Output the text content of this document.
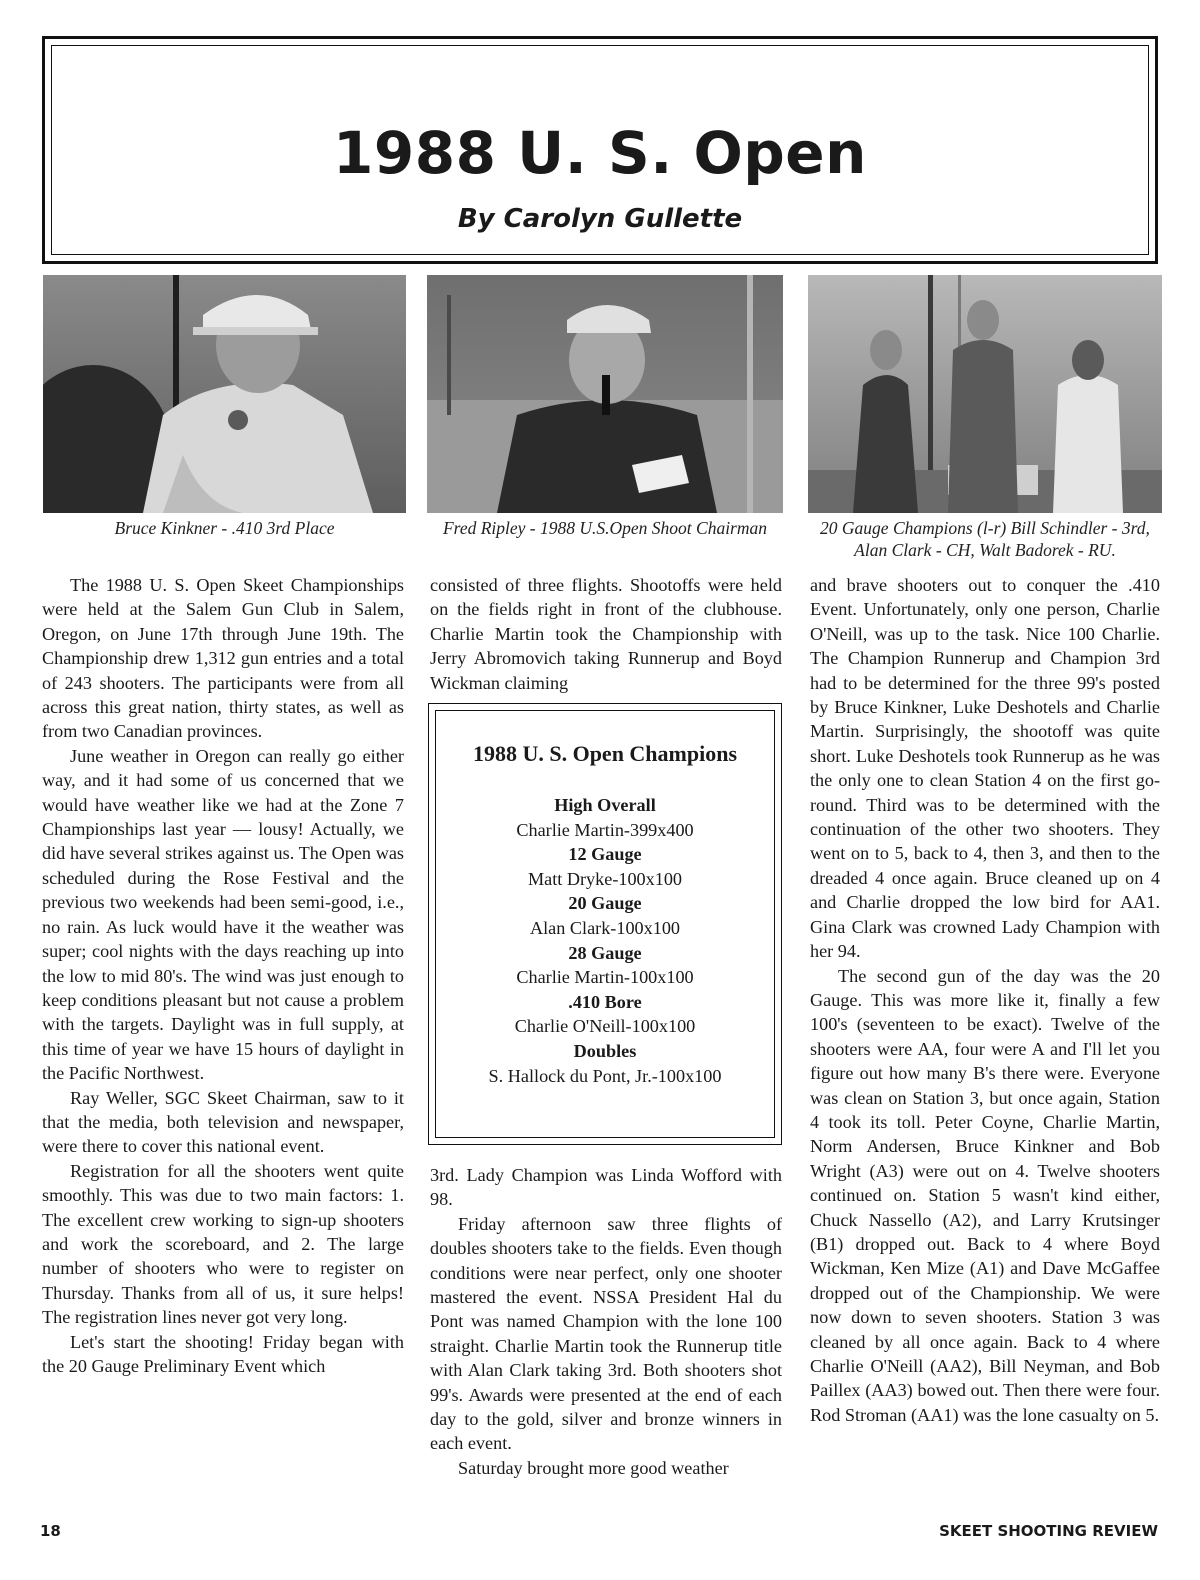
1988 U. S. Open
By Carolyn Gullette
Bruce Kinkner - .410 3rd Place	Fred Ripley - 1988 U.S.Open Shoot Chairman	20 Gauge Champions (l-r) Bill Schindler - 3rd, Alan Clark - CH, Walt Badorek - RU.

The 1988 U. S. Open Skeet Championships were held at the Salem Gun Club in Salem, Oregon, on June 17th through June 19th. The Championship drew 1,312 gun entries and a total of 243 shooters. The participants were from all across this great nation, thirty states, as well as from two Canadian provinces.

June weather in Oregon can really go either way, and it had some of us concerned that we would have weather like we had at the Zone 7 Championships last year — lousy! Actually, we did have several strikes against us. The Open was scheduled during the Rose Festival and the previous two weekends had been semi-good, i.e., no rain. As luck would have it the weather was super; cool nights with the days reaching up into the low to mid 80's. The wind was just enough to keep conditions pleasant but not cause a problem with the targets. Daylight was in full supply, at this time of year we have 15 hours of daylight in the Pacific Northwest.

Ray Weller, SGC Skeet Chairman, saw to it that the media, both television and newspaper, were there to cover this national event.

Registration for all the shooters went quite smoothly. This was due to two main factors: 1. The excellent crew working to sign-up shooters and work the scoreboard, and 2. The large number of shooters who were to register on Thursday. Thanks from all of us, it sure helps! The registration lines never got very long.

Let's start the shooting! Friday began with the 20 Gauge Preliminary Event which

consisted of three flights. Shootoffs were held on the fields right in front of the clubhouse. Charlie Martin took the Championship with Jerry Abromovich taking Runnerup and Boyd Wickman claiming

1988 U. S. Open Champions
High Overall
Charlie Martin-399x400
12 Gauge
Matt Dryke-100x100
20 Gauge
Alan Clark-100x100
28 Gauge
Charlie Martin-100x100
.410 Bore
Charlie O'Neill-100x100
Doubles
S. Hallock du Pont, Jr.-100x100

3rd. Lady Champion was Linda Wofford with 98.

Friday afternoon saw three flights of doubles shooters take to the fields. Even though conditions were near perfect, only one shooter mastered the event. NSSA President Hal du Pont was named Champion with the lone 100 straight. Charlie Martin took the Runnerup title with Alan Clark taking 3rd. Both shooters shot 99's. Awards were presented at the end of each day to the gold, silver and bronze winners in each event.

Saturday brought more good weather

and brave shooters out to conquer the .410 Event. Unfortunately, only one person, Charlie O'Neill, was up to the task. Nice 100 Charlie. The Champion Runnerup and Champion 3rd had to be determined for the three 99's posted by Bruce Kinkner, Luke Deshotels and Charlie Martin. Surprisingly, the shootoff was quite short. Luke Deshotels took Runnerup as he was the only one to clean Station 4 on the first go-round. Third was to be determined with the continuation of the other two shooters. They went on to 5, back to 4, then 3, and then to the dreaded 4 once again. Bruce cleaned up on 4 and Charlie dropped the low bird for AA1. Gina Clark was crowned Lady Champion with her 94.

The second gun of the day was the 20 Gauge. This was more like it, finally a few 100's (seventeen to be exact). Twelve of the shooters were AA, four were A and I'll let you figure out how many B's there were. Everyone was clean on Station 3, but once again, Station 4 took its toll. Peter Coyne, Charlie Martin, Norm Andersen, Bruce Kinkner and Bob Wright (A3) were out on 4. Twelve shooters continued on. Station 5 wasn't kind either, Chuck Nassello (A2), and Larry Krutsinger (B1) dropped out. Back to 4 where Boyd Wickman, Ken Mize (A1) and Dave McGaffee dropped out of the Championship. We were now down to seven shooters. Station 3 was cleaned by all once again. Back to 4 where Charlie O'Neill (AA2), Bill Neyman, and Bob Paillex (AA3) bowed out. Then there were four. Rod Stroman (AA1) was the lone casualty on 5.

18	SKEET SHOOTING REVIEW
